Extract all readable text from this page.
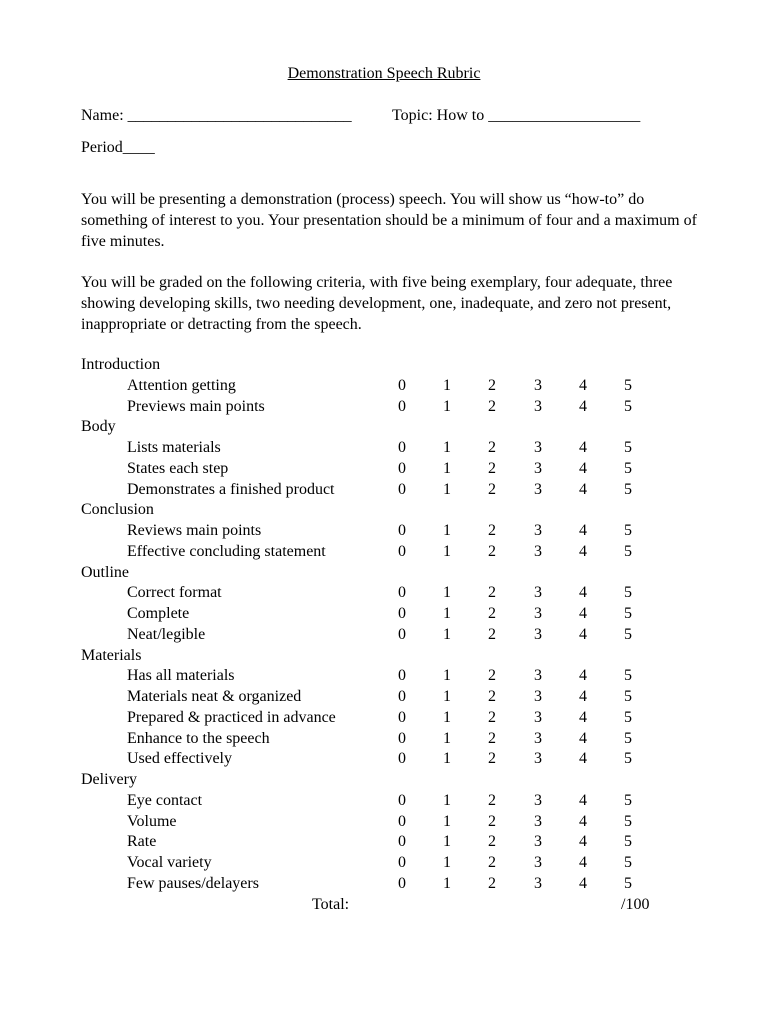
Demonstration Speech Rubric
Name: ____________________________	Topic: How to ___________________
Period____
You will be presenting a demonstration (process) speech. You will show us “how-to” do something of interest to you. Your presentation should be a minimum of four and a maximum of five minutes.
You will be graded on the following criteria, with five being exemplary, four adequate, three showing developing skills, two needing development, one, inadequate, and zero not present, inappropriate or detracting from the speech.
Introduction
Attention getting	0 1 2 3 4 5
Previews main points	0 1 2 3 4 5
Body
Lists materials	0 1 2 3 4 5
States each step	0 1 2 3 4 5
Demonstrates a finished product	0 1 2 3 4 5
Conclusion
Reviews main points	0 1 2 3 4 5
Effective concluding statement	0 1 2 3 4 5
Outline
Correct format	0 1 2 3 4 5
Complete	0 1 2 3 4 5
Neat/legible	0 1 2 3 4 5
Materials
Has all materials	0 1 2 3 4 5
Materials neat & organized	0 1 2 3 4 5
Prepared & practiced in advance	0 1 2 3 4 5
Enhance to the speech	0 1 2 3 4 5
Used effectively	0 1 2 3 4 5
Delivery
Eye contact	0 1 2 3 4 5
Volume	0 1 2 3 4 5
Rate	0 1 2 3 4 5
Vocal variety	0 1 2 3 4 5
Few pauses/delayers	0 1 2 3 4 5
Total:	/100
